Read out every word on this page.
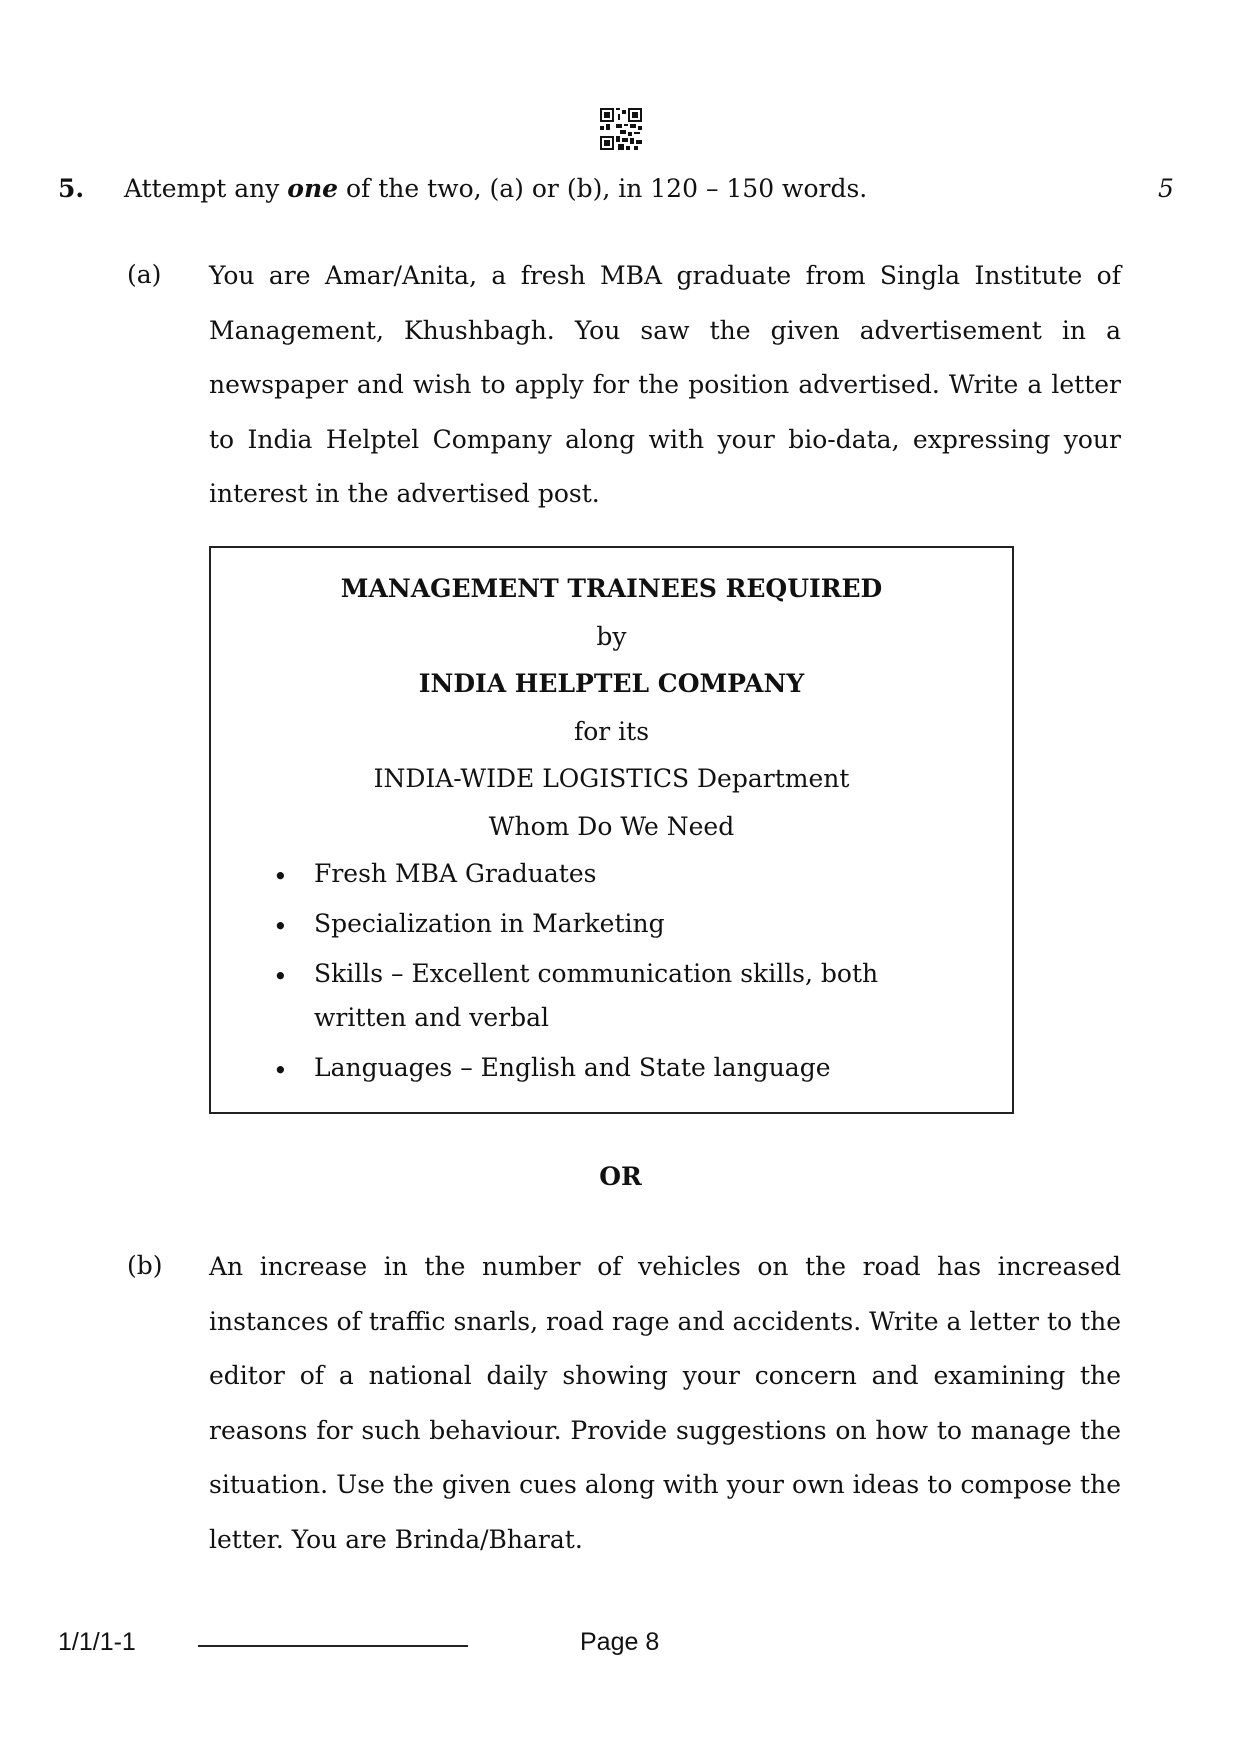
5. Attempt any one of the two, (a) or (b), in 120 – 150 words.	5
(a) You are Amar/Anita, a fresh MBA graduate from Singla Institute of Management, Khushbagh. You saw the given advertisement in a newspaper and wish to apply for the position advertised. Write a letter to India Helptel Company along with your bio-data, expressing your interest in the advertised post.

MANAGEMENT TRAINEES REQUIRED
by
INDIA HELPTEL COMPANY
for its
INDIA-WIDE LOGISTICS Department
Whom Do We Need
• Fresh MBA Graduates
• Specialization in Marketing
• Skills – Excellent communication skills, both
written and verbal
• Languages – English and State language
OR
(b) An increase in the number of vehicles on the road has increased instances of traffic snarls, road rage and accidents. Write a letter to the editor of a national daily showing your concern and examining the reasons for such behaviour. Provide suggestions on how to manage the situation. Use the given cues along with your own ideas to compose the letter. You are Brinda/Bharat.

1/1/1-1	Page 8
